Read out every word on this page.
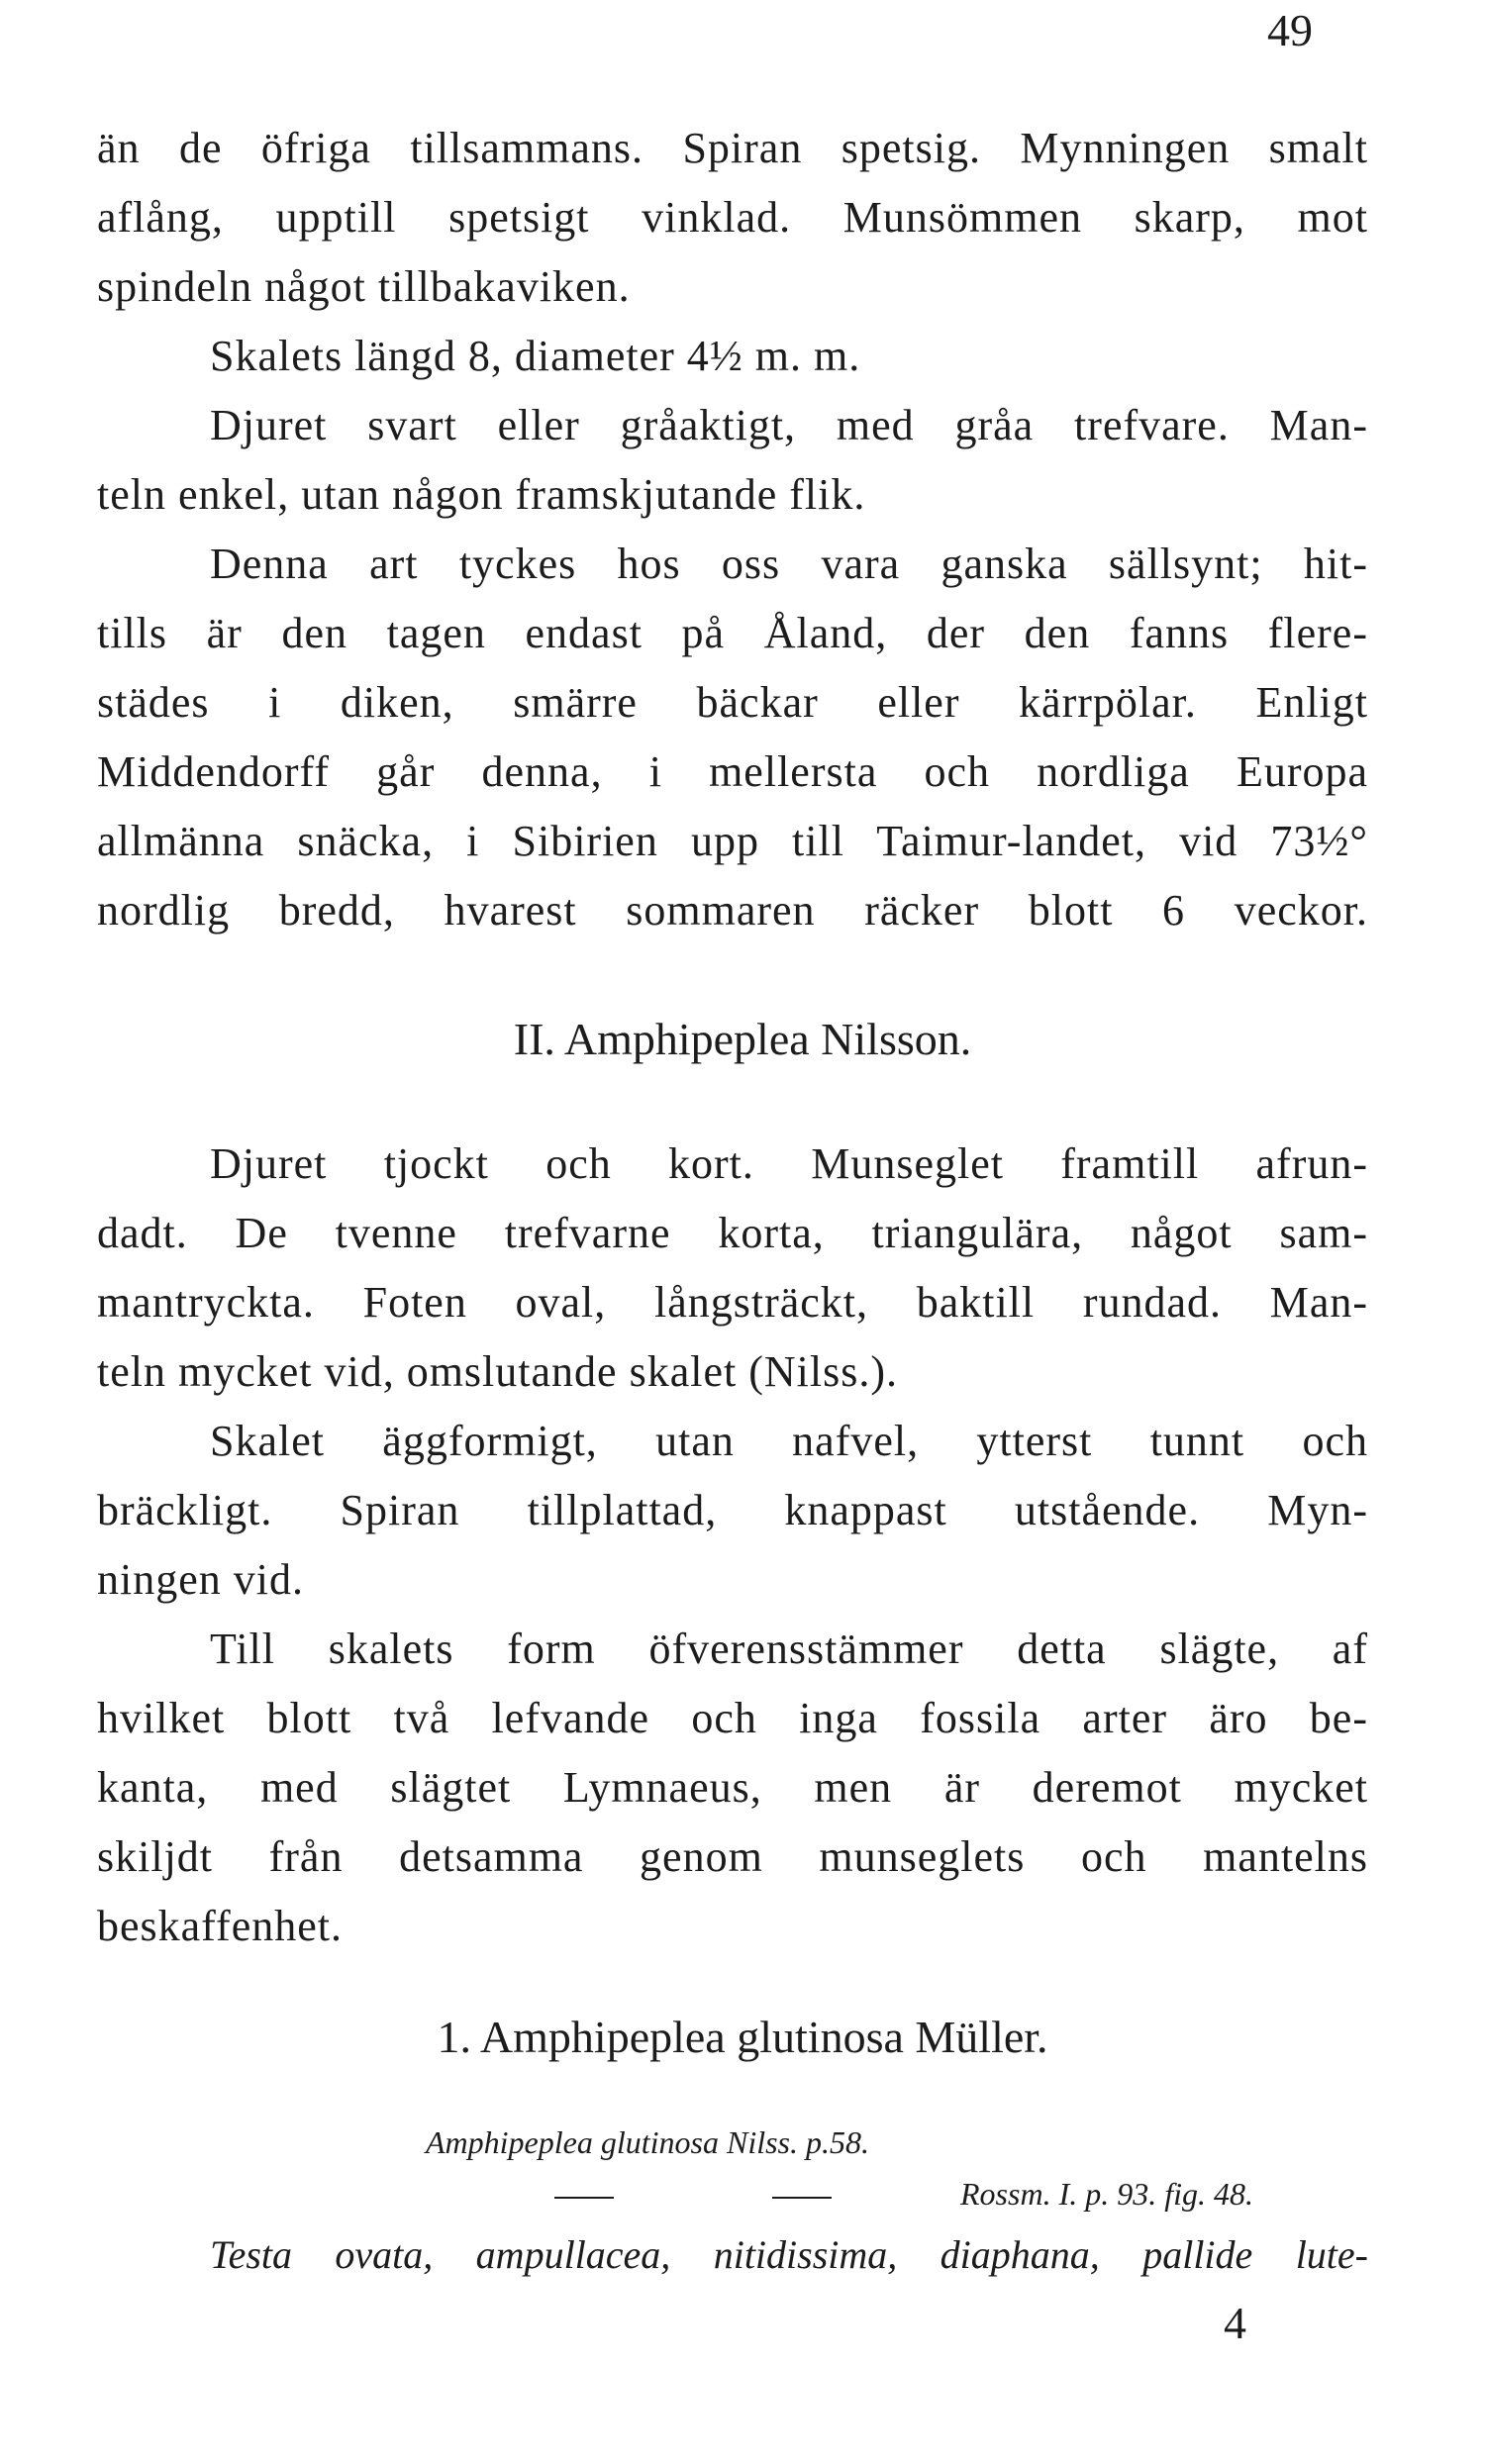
49
än de öfriga tillsammans. Spiran spetsig. Mynningen smalt
aflång, upptill spetsigt vinklad. Munsömmen skarp, mot
spindeln något tillbakaviken.
Skalets längd 8, diameter 4½ m. m.
Djuret svart eller gråaktigt, med gråa trefvare. Man-
teln enkel, utan någon framskjutande flik.
Denna art tyckes hos oss vara ganska sällsynt; hit-
tills är den tagen endast på Åland, der den fanns flere-
städes i diken, smärre bäckar eller kärrpölar. Enligt
Middendorff går denna, i mellersta och nordliga Europa
allmänna snäcka, i Sibirien upp till Taimur-landet, vid 73½°
nordlig bredd, hvarest sommaren räcker blott 6 veckor.
II. Amphipeplea Nilsson.
Djuret tjockt och kort. Munseglet framtill afrun-
dadt. De tvenne trefvarne korta, triangulära, något sam-
mantryckta. Foten oval, långsträckt, baktill rundad. Man-
teln mycket vid, omslutande skalet (Nilss.).
Skalet äggformigt, utan nafvel, ytterst tunnt och
bräckligt. Spiran tillplattad, knappast utstående. Myn-
ningen vid.
Till skalets form öfverensstämmer detta slägte, af
hvilket blott två lefvande och inga fossila arter äro be-
kanta, med slägtet Lymnaeus, men är deremot mycket
skiljdt från detsamma genom munseglets och mantelns
beskaffenhet.
1. Amphipeplea glutinosa Müller.
Amphipeplea glutinosa Nilss. p.58.
Rossm. I. p. 93. fig. 48.
Testa ovata, ampullacea, nitidissima, diaphana, pallide lute-
4
